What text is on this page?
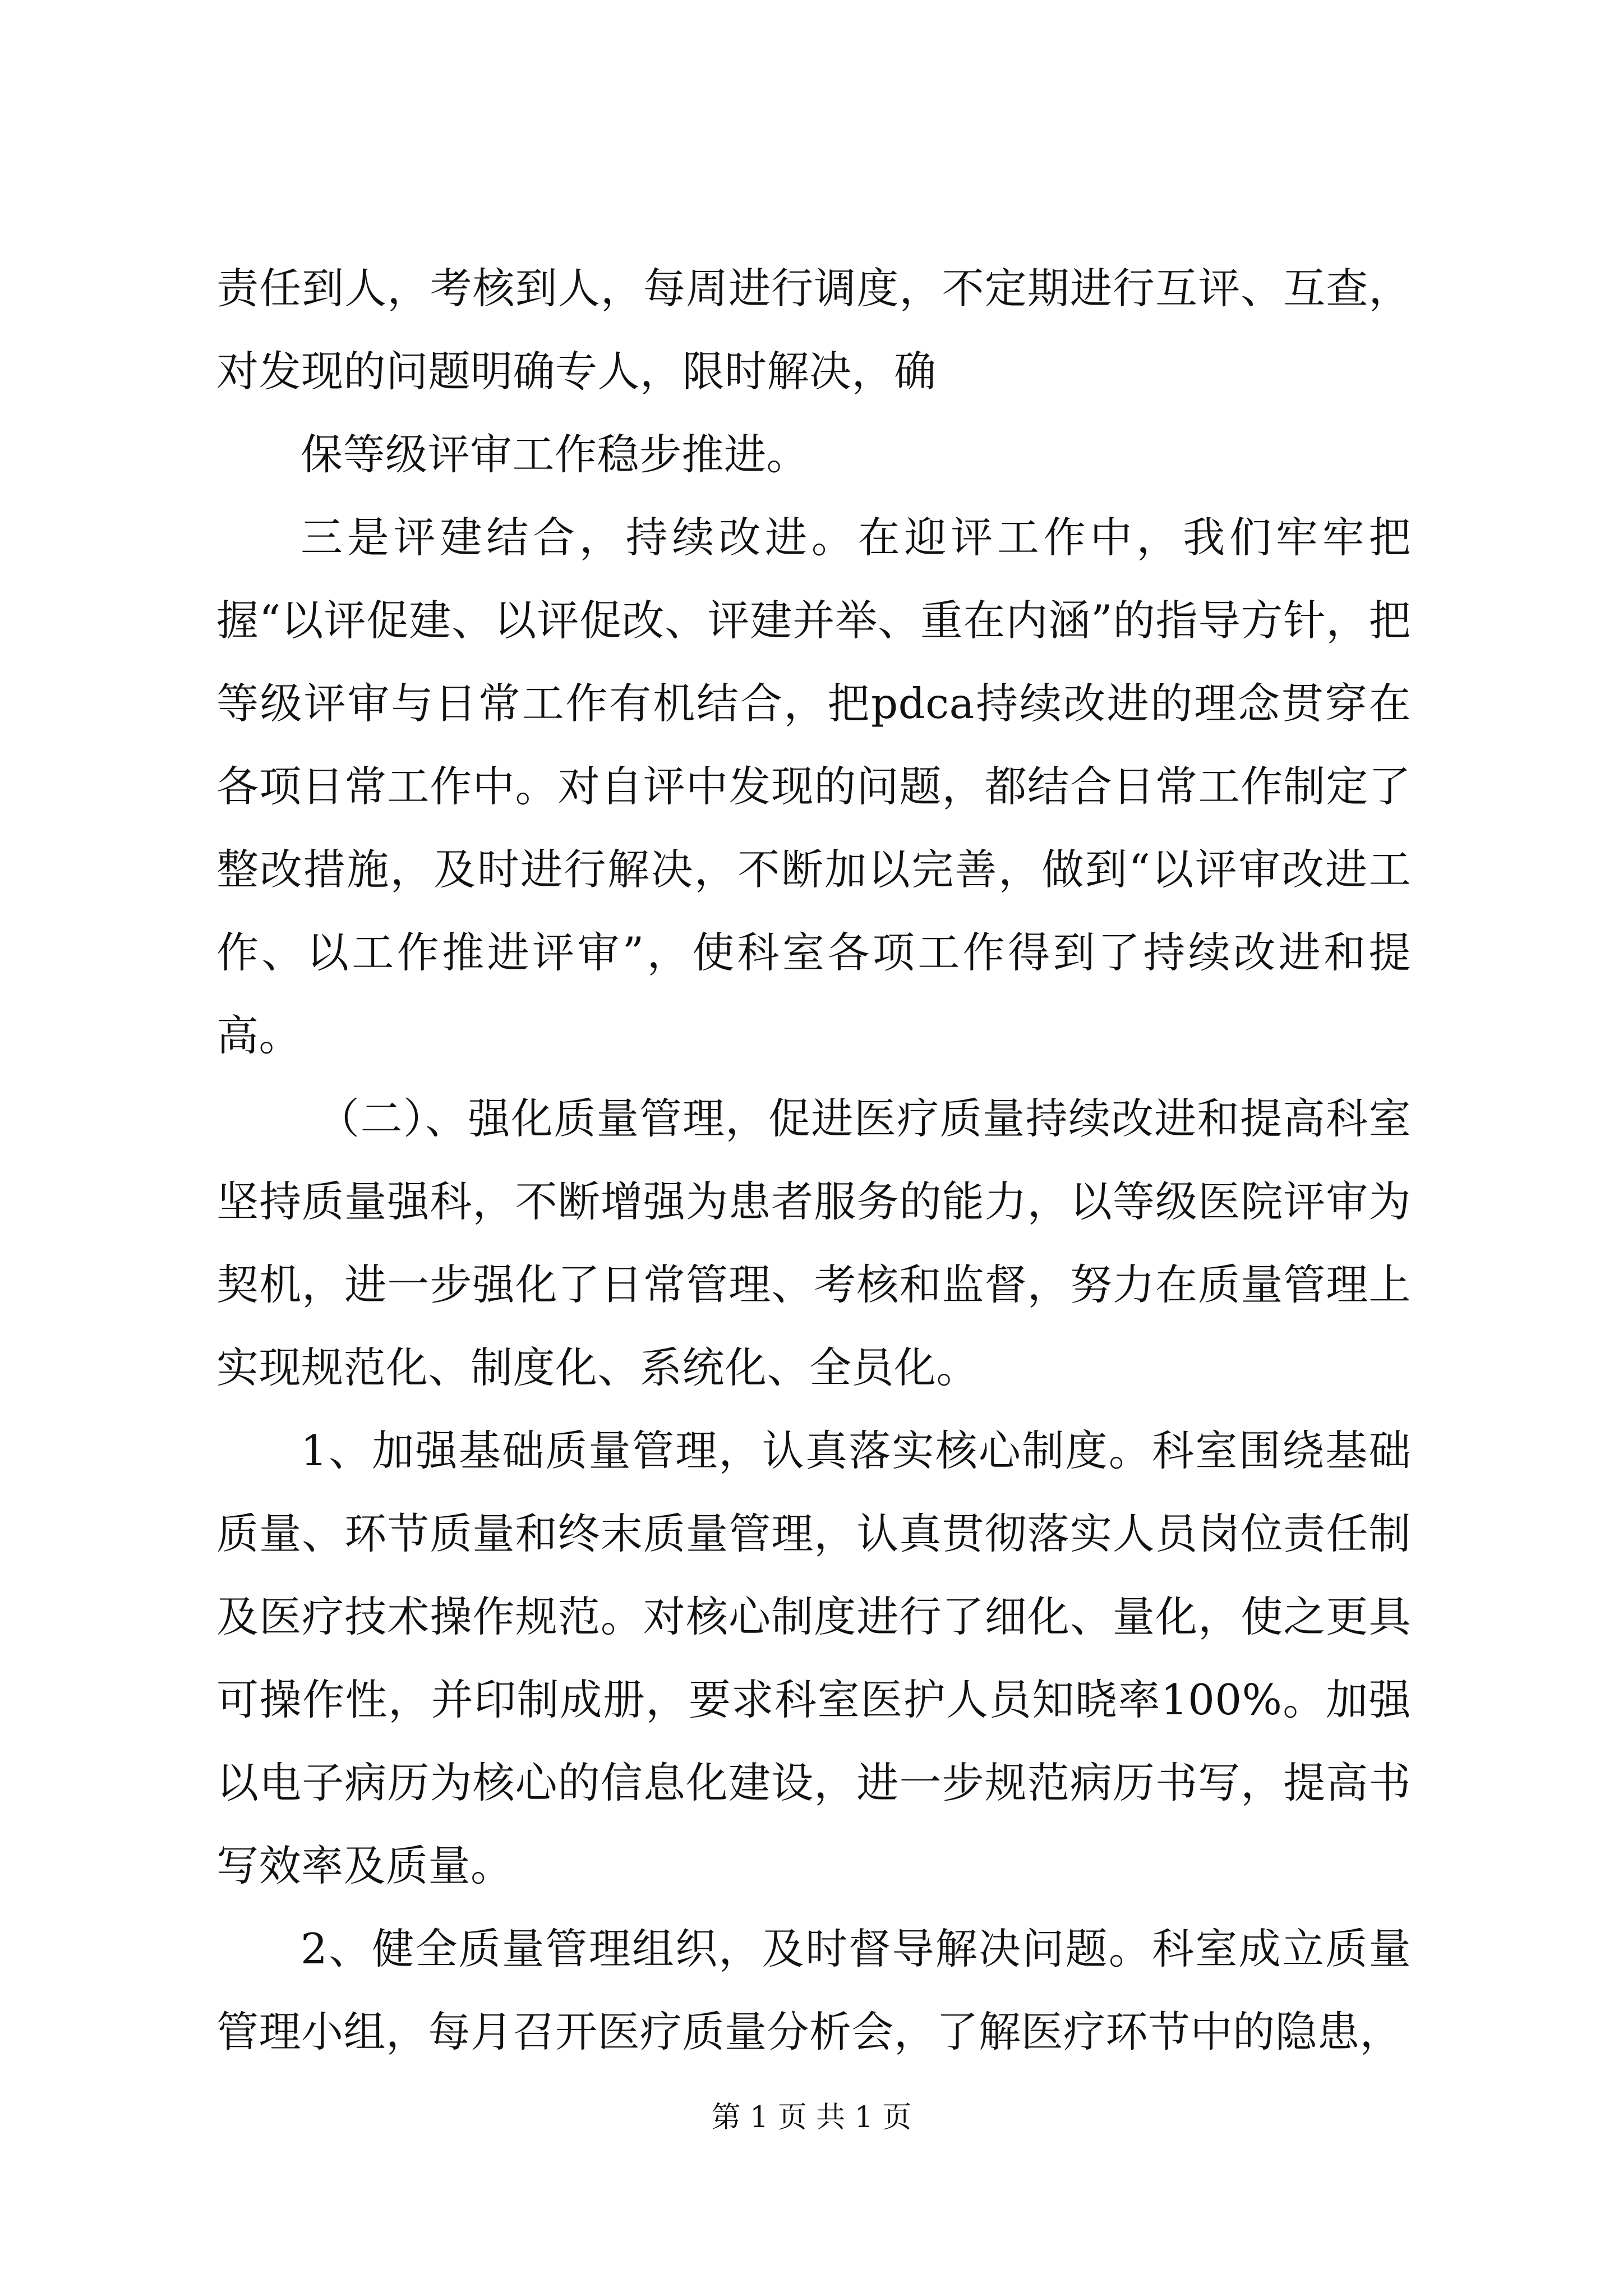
责任到人，考核到人，每周进行调度，不定期进行互评、互查，对发现的问题明确专人，限时解决，确

保等级评审工作稳步推进。

三是评建结合，持续改进。在迎评工作中，我们牢牢把握“以评促建、以评促改、评建并举、重在内涵”的指导方针，把等级评审与日常工作有机结合，把pdca持续改进的理念贯穿在各项日常工作中。对自评中发现的问题，都结合日常工作制定了整改措施，及时进行解决，不断加以完善，做到“以评审改进工作、以工作推进评审”，使科室各项工作得到了持续改进和提高。

（二）、强化质量管理，促进医疗质量持续改进和提高科室坚持质量强科，不断增强为患者服务的能力，以等级医院评审为契机，进一步强化了日常管理、考核和监督，努力在质量管理上实现规范化、制度化、系统化、全员化。

1、加强基础质量管理，认真落实核心制度。科室围绕基础质量、环节质量和终末质量管理，认真贯彻落实人员岗位责任制及医疗技术操作规范。对核心制度进行了细化、量化，使之更具可操作性，并印制成册，要求科室医护人员知晓率100%。加强以电子病历为核心的信息化建设，进一步规范病历书写，提高书写效率及质量。

2、健全质量管理组织，及时督导解决问题。科室成立质量管理小组，每月召开医疗质量分析会，了解医疗环节中的隐患，

第 1 页 共 1 页
